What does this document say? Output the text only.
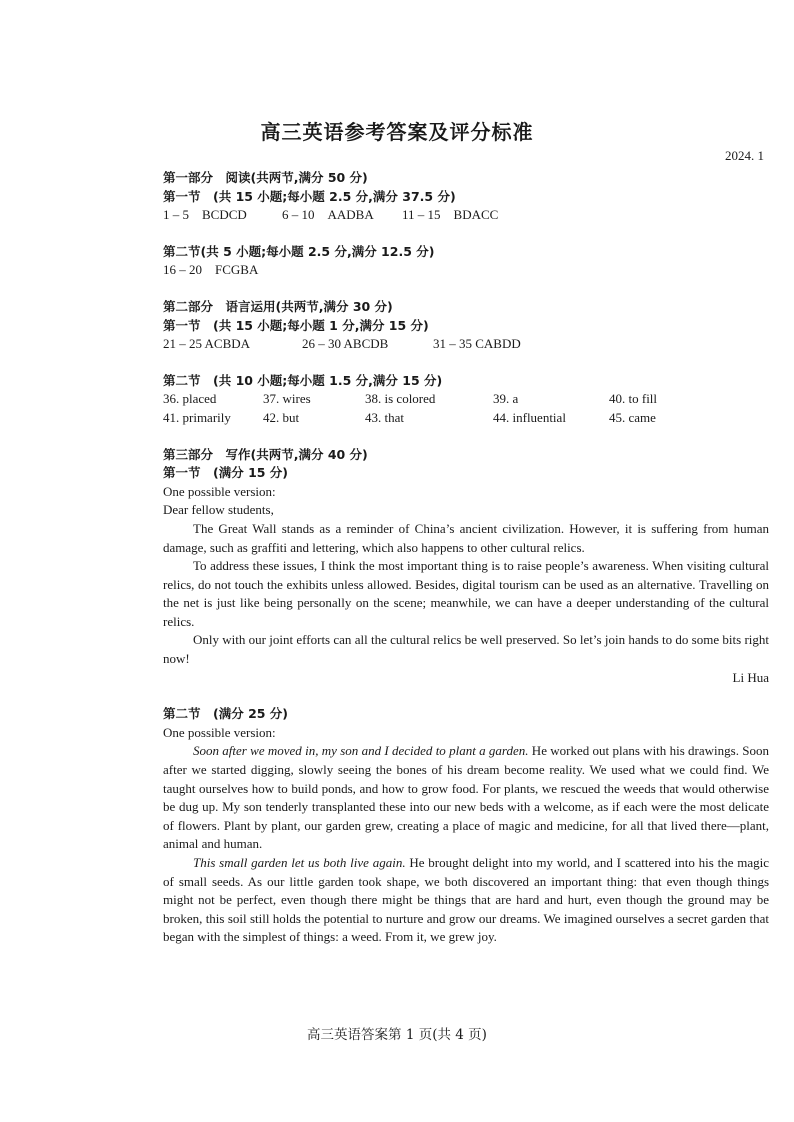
高三英语参考答案及评分标准
2024. 1
第一部分　阅读(共两节,满分 50 分)
第一节　(共 15 小题;每小题 2.5 分,满分 37.5 分)
1 – 5　BCDCD	6 – 10　AADBA 11 – 15　BDACC
第二节(共 5 小题;每小题 2.5 分,满分 12.5 分)
16 – 20　FCGBA
第二部分　语言运用(共两节,满分 30 分)
第一节　(共 15 小题;每小题 1 分,满分 15 分)
21 – 25 ACBDA	26 – 30 ABCDB	31 – 35 CABDD
第二节　(共 10 小题;每小题 1.5 分,满分 15 分)
36. placed	37. wires	38. is colored	39. a	40. to fill
41. primarily	42. but	43. that	44. influential	45. came
第三部分　写作(共两节,满分 40 分)
第一节　(满分 15 分)
One possible version:
Dear fellow students,

The Great Wall stands as a reminder of China’s ancient civilization. However, it is suffering from human damage, such as graffiti and lettering, which also happens to other cultural relics.

To address these issues, I think the most important thing is to raise people’s awareness. When visiting cultural relics, do not touch the exhibits unless allowed. Besides, digital tourism can be used as an alternative. Travelling on the net is just like being personally on the scene; meanwhile, we can have a deeper understanding of the cultural relics.

Only with our joint efforts can all the cultural relics be well preserved. So let’s join hands to do some bits right now!

Li Hua
第二节　(满分 25 分)
One possible version:

Soon after we moved in, my son and I decided to plant a garden. He worked out plans with his drawings. Soon after we started digging, slowly seeing the bones of his dream become reality. We used what we could find. We taught ourselves how to build ponds, and how to grow food. For plants, we rescued the weeds that would otherwise be dug up. My son tenderly transplanted these into our new beds with a welcome, as if each were the most delicate of flowers. Plant by plant, our garden grew, creating a place of magic and medicine, for all that lived there—plant, animal and human.

This small garden let us both live again. He brought delight into my world, and I scattered into his the magic of small seeds. As our little garden took shape, we both discovered an important thing: that even though things might not be perfect, even though there might be things that are hard and hurt, even though the ground may be broken, this soil still holds the potential to nurture and grow our dreams. We imagined ourselves a secret garden that began with the simplest of things: a weed. From it, we grew joy.

高三英语答案第 1 页(共 4 页)
